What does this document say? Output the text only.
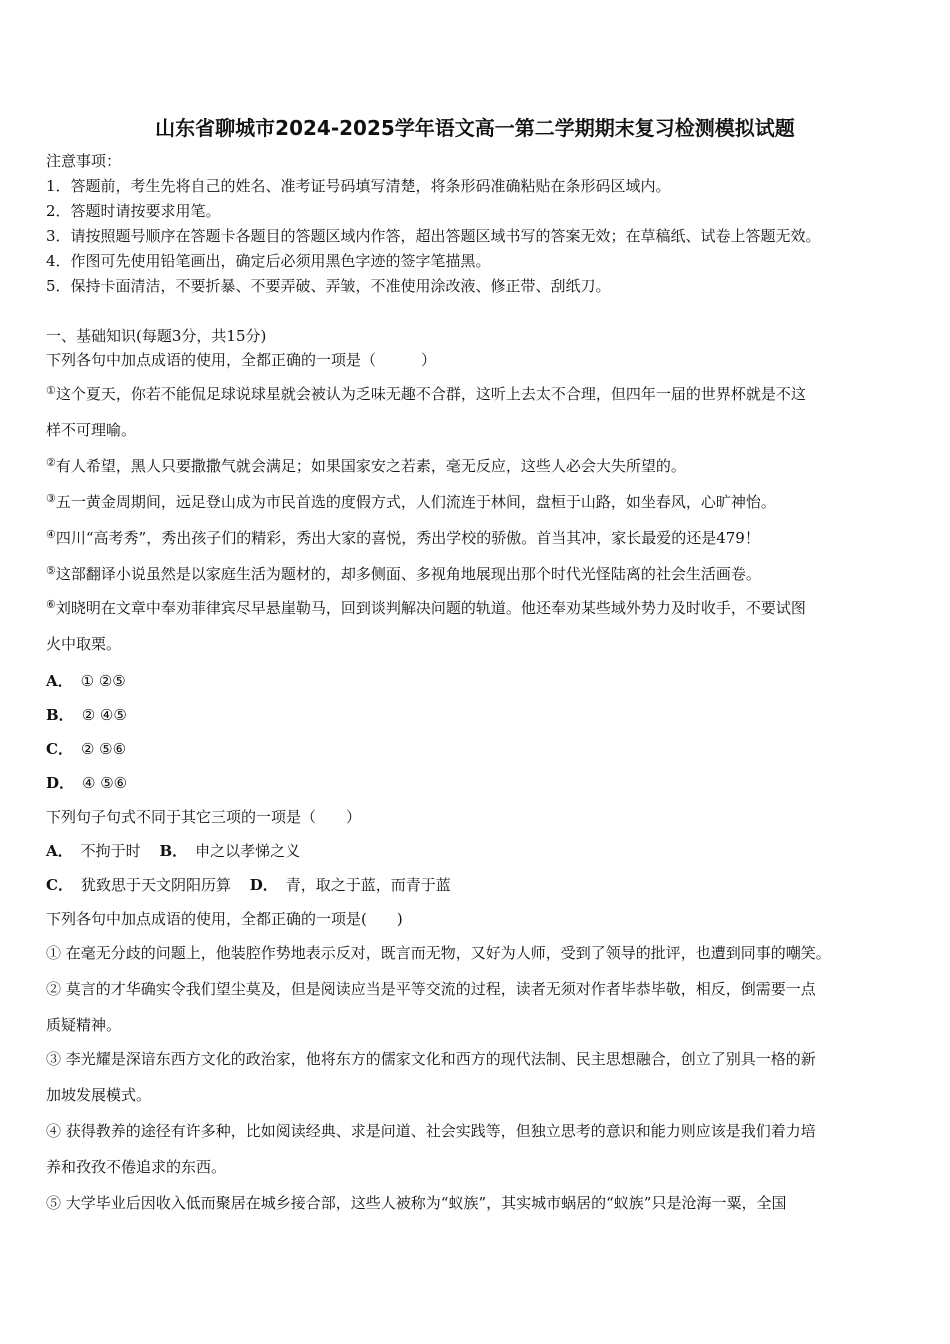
山东省聊城市2024-2025学年语文高一第二学期期末复习检测模拟试题
注意事项：
1．答题前，考生先将自己的姓名、准考证号码填写清楚，将条形码准确粘贴在条形码区域内。
2．答题时请按要求用笔。
3．请按照题号顺序在答题卡各题目的答题区域内作答，超出答题区域书写的答案无效；在草稿纸、试卷上答题无效。
4．作图可先使用铅笔画出，确定后必须用黑色字迹的签字笔描黑。
5．保持卡面清洁，不要折暴、不要弄破、弄皱，不准使用涂改液、修正带、刮纸刀。
一、基础知识(每题3分，共15分)
下列各句中加点成语的使用，全都正确的一项是（　　　）
①这个夏天，你若不能侃足球说球星就会被认为乏味无趣不合群，这听上去太不合理，但四年一届的世界杯就是不这
样不可理喻。
②有人希望，黑人只要撒撒气就会满足；如果国家安之若素，毫无反应，这些人必会大失所望的。
③五一黄金周期间，远足登山成为市民首选的度假方式，人们流连于林间，盘桓于山路，如坐春风，心旷神怡。
④四川“高考秀”，秀出孩子们的精彩，秀出大家的喜悦，秀出学校的骄傲。首当其冲，家长最爱的还是479！
⑤这部翻译小说虽然是以家庭生活为题材的，却多侧面、多视角地展现出那个时代光怪陆离的社会生活画卷。
⑥刘晓明在文章中奉劝菲律宾尽早悬崖勒马，回到谈判解决问题的轨道。他还奉劝某些域外势力及时收手，不要试图
火中取栗。
A． ① ②⑤
B． ② ④⑤
C． ② ⑤⑥
D． ④ ⑤⑥
下列句子句式不同于其它三项的一项是（　　）
A． 不拘于时 B． 申之以孝悌之义
C． 犹致思于天文阴阳历算 D． 青，取之于蓝，而青于蓝
下列各句中加点成语的使用，全都正确的一项是(　　)
① 在毫无分歧的问题上，他装腔作势地表示反对，既言而无物，又好为人师，受到了领导的批评，也遭到同事的嘲笑。
② 莫言的才华确实令我们望尘莫及，但是阅读应当是平等交流的过程，读者无须对作者毕恭毕敬，相反，倒需要一点
质疑精神。
③ 李光耀是深谙东西方文化的政治家，他将东方的儒家文化和西方的现代法制、民主思想融合，创立了别具一格的新
加坡发展模式。
④ 获得教养的途径有许多种，比如阅读经典、求是问道、社会实践等，但独立思考的意识和能力则应该是我们着力培
养和孜孜不倦追求的东西。
⑤ 大学毕业后因收入低而聚居在城乡接合部，这些人被称为“蚁族”，其实城市蜗居的“蚁族”只是沧海一粟，全国
